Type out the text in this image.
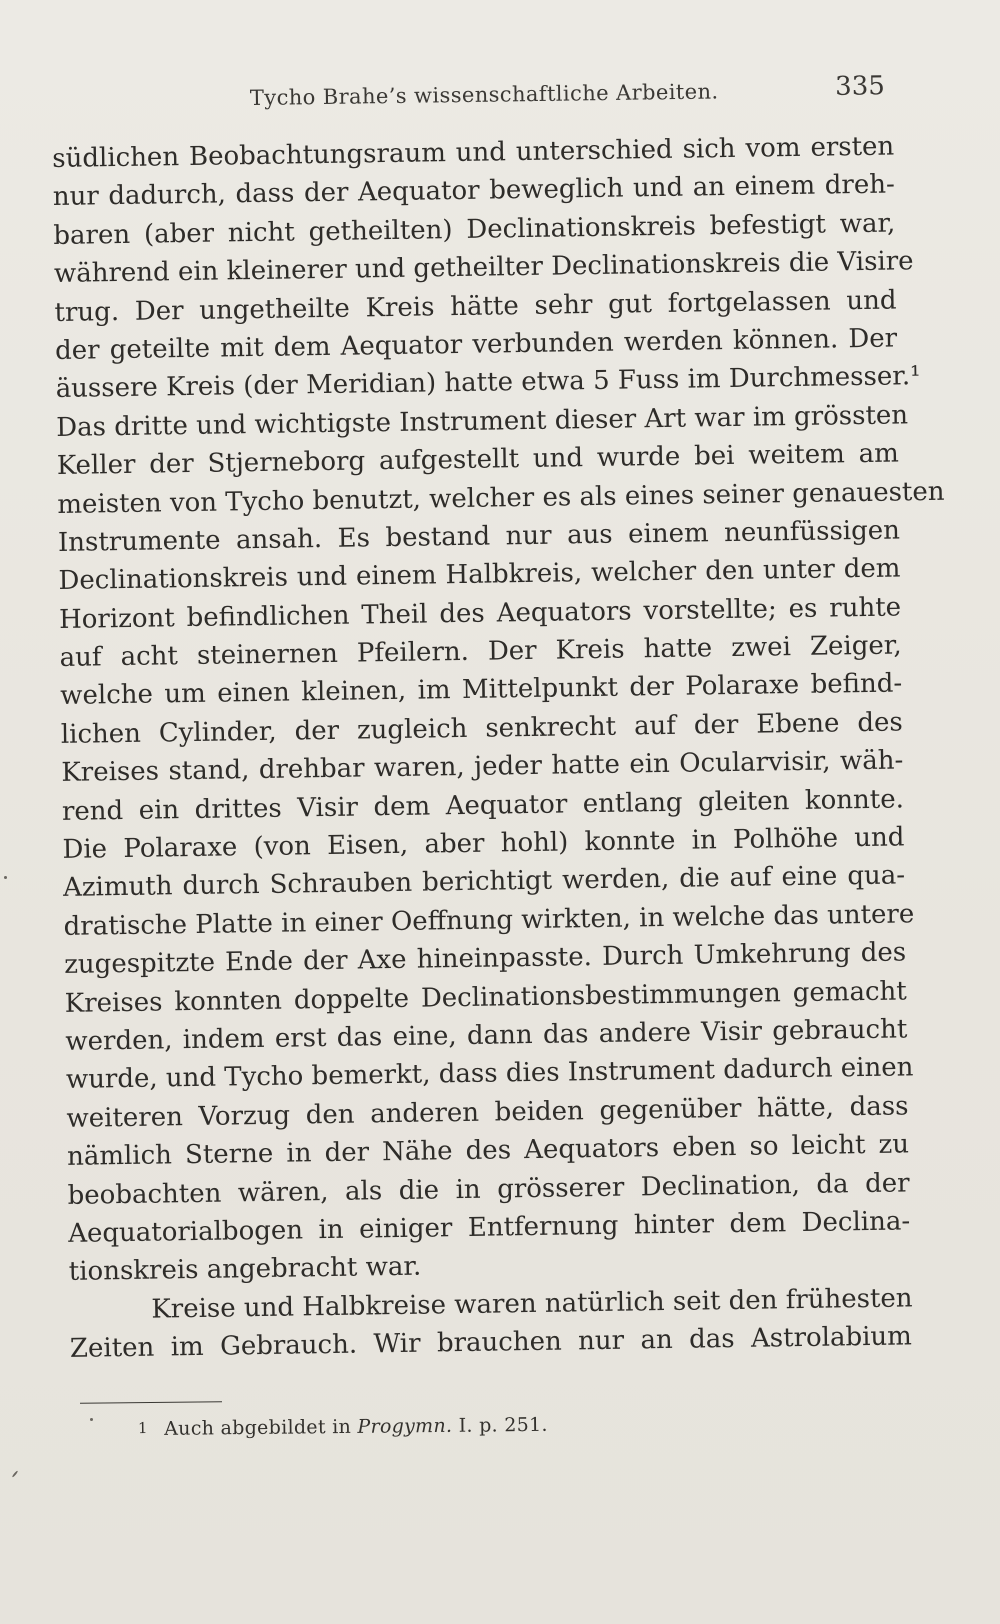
Tycho Brahe’s wissenschaftliche Arbeiten.	335
südlichen Beobachtungsraum und unterschied sich vom ersten
nur dadurch, dass der Aequator beweglich und an einem dreh-
baren (aber nicht getheilten) Declinationskreis befestigt war,
während ein kleinerer und getheilter Declinationskreis die Visire
trug. Der ungetheilte Kreis hätte sehr gut fortgelassen und
der geteilte mit dem Aequator verbunden werden können. Der
äussere Kreis (der Meridian) hatte etwa 5 Fuss im Durchmesser.¹
Das dritte und wichtigste Instrument dieser Art war im grössten
Keller der Stjerneborg aufgestellt und wurde bei weitem am
meisten von Tycho benutzt, welcher es als eines seiner genauesten
Instrumente ansah. Es bestand nur aus einem neunfüssigen
Declinationskreis und einem Halbkreis, welcher den unter dem
Horizont befindlichen Theil des Aequators vorstellte; es ruhte
auf acht steinernen Pfeilern. Der Kreis hatte zwei Zeiger,
welche um einen kleinen, im Mittelpunkt der Polaraxe befind-
lichen Cylinder, der zugleich senkrecht auf der Ebene des
Kreises stand, drehbar waren, jeder hatte ein Ocularvisir, wäh-
rend ein drittes Visir dem Aequator entlang gleiten konnte.
Die Polaraxe (von Eisen, aber hohl) konnte in Polhöhe und
Azimuth durch Schrauben berichtigt werden, die auf eine qua-
dratische Platte in einer Oeffnung wirkten, in welche das untere
zugespitzte Ende der Axe hineinpasste. Durch Umkehrung des
Kreises konnten doppelte Declinationsbestimmungen gemacht
werden, indem erst das eine, dann das andere Visir gebraucht
wurde, und Tycho bemerkt, dass dies Instrument dadurch einen
weiteren Vorzug den anderen beiden gegenüber hätte, dass
nämlich Sterne in der Nähe des Aequators eben so leicht zu
beobachten wären, als die in grösserer Declination, da der
Aequatorialbogen in einiger Entfernung hinter dem Declina-
tionskreis angebracht war.
Kreise und Halbkreise waren natürlich seit den frühesten
Zeiten im Gebrauch. Wir brauchen nur an das Astrolabium
1 Auch abgebildet in Progymn. I. p. 251.
